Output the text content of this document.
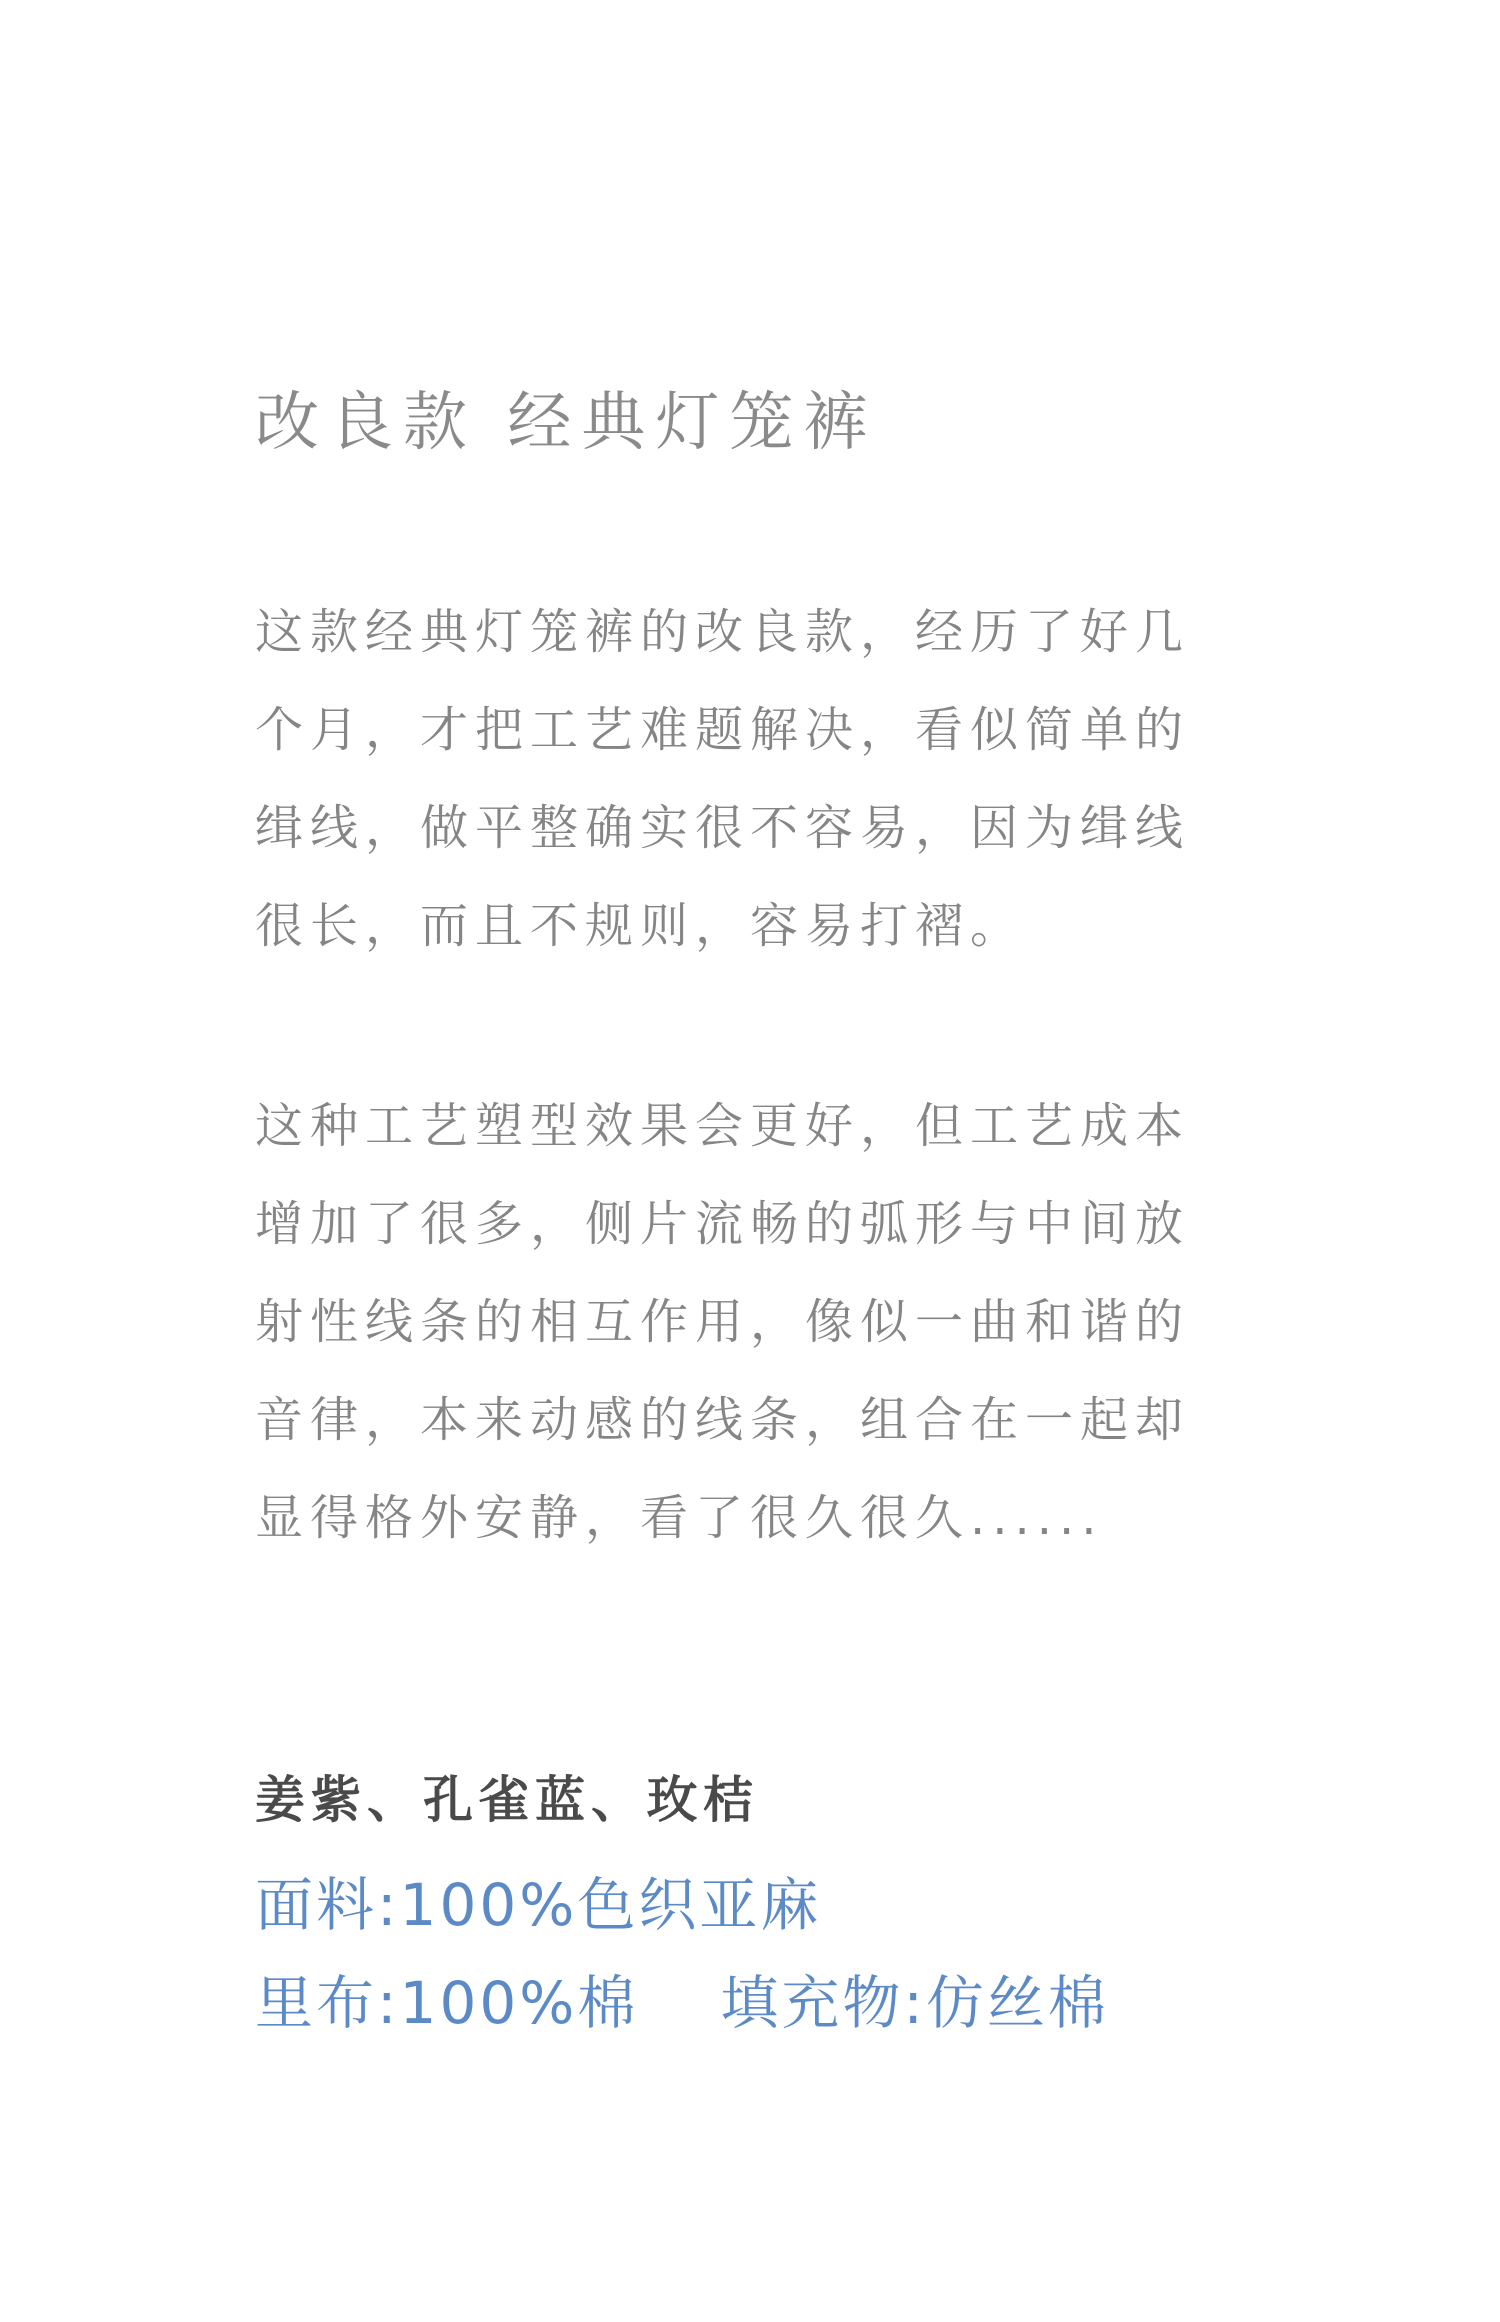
改良款 经典灯笼裤
这款经典灯笼裤的改良款，经历了好几
个月，才把工艺难题解决，看似简单的
缉线，做平整确实很不容易，因为缉线
很长，而且不规则，容易打褶。
这种工艺塑型效果会更好，但工艺成本
增加了很多，侧片流畅的弧形与中间放
射性线条的相互作用，像似一曲和谐的
音律，本来动感的线条，组合在一起却
显得格外安静，看了很久很久......
姜紫、孔雀蓝、玫桔
面料:100%色织亚麻
里布:100%棉 填充物:仿丝棉
